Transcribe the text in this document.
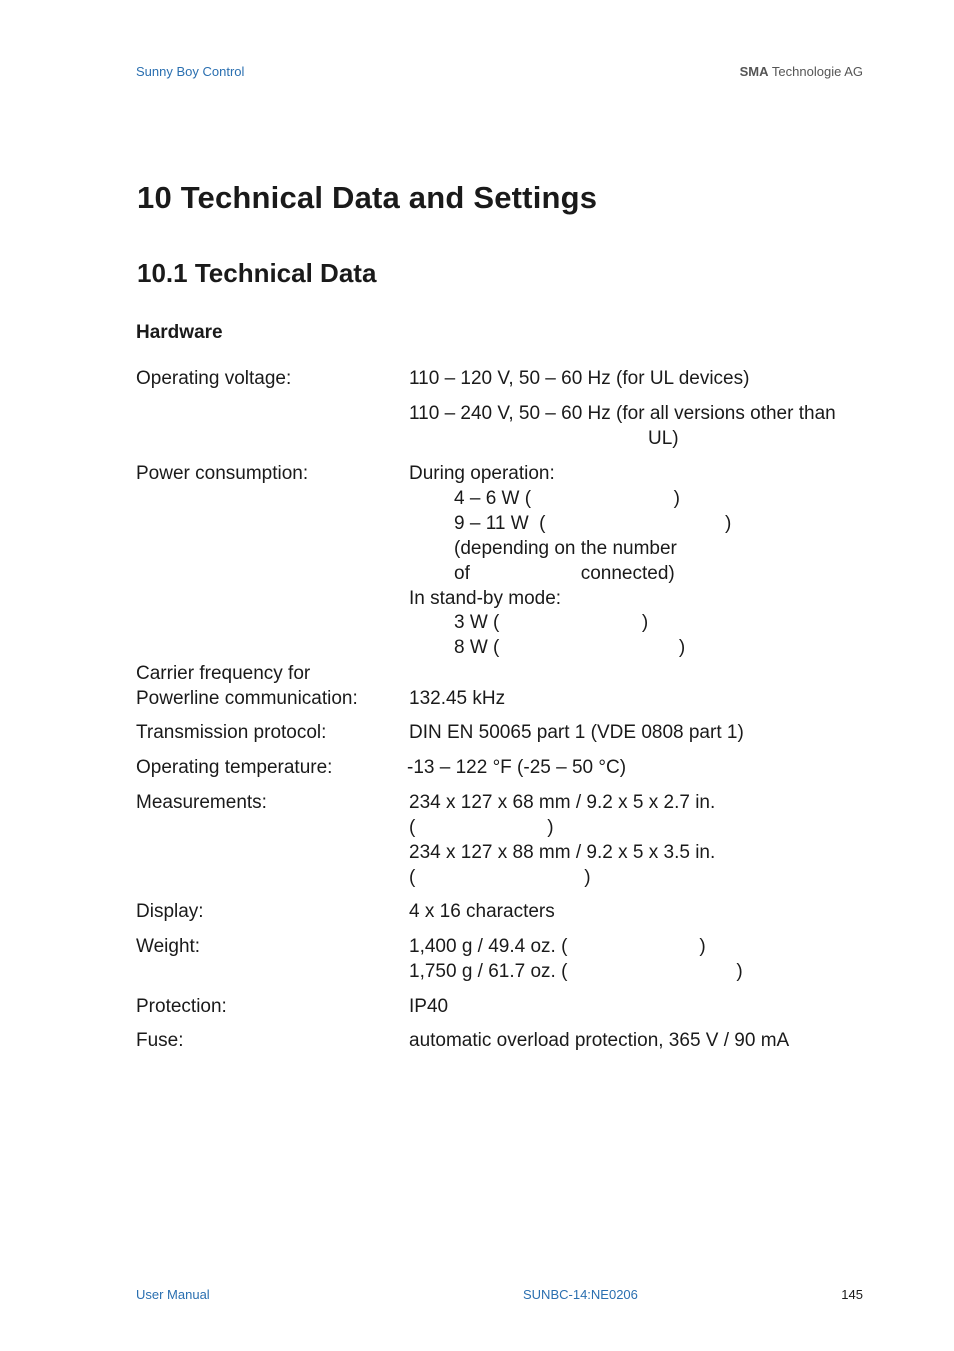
Sunny Boy Control	SMA Technologie AG
10 Technical Data and Settings
10.1 Technical Data
Hardware
Operating voltage:	110 – 120 V, 50 – 60 Hz (for UL devices)
110 – 240 V, 50 – 60 Hz (for all versions other than
UL)
Power consumption:	During operation:
4 – 6 W (                           )
9 – 11 W  (                                  )
(depending on the number
of                     connected)
In stand-by mode:
3 W (                           )
8 W (                                  )
Carrier frequency for
Powerline communication:	132.45 kHz
Transmission protocol:	DIN EN 50065 part 1 (VDE 0808 part 1)
Operating temperature:	-13 – 122 °F (-25 – 50 °C)
Measurements:	234 x 127 x 68 mm / 9.2 x 5 x 2.7 in.
(                         )
234 x 127 x 88 mm / 9.2 x 5 x 3.5 in.
(                                )
Display:	4 x 16 characters
Weight:	1,400 g / 49.4 oz. (                         )
1,750 g / 61.7 oz. (                                )
Protection:	IP40
Fuse:	automatic overload protection, 365 V / 90 mA
User Manual	SUNBC-14:NE0206	145
